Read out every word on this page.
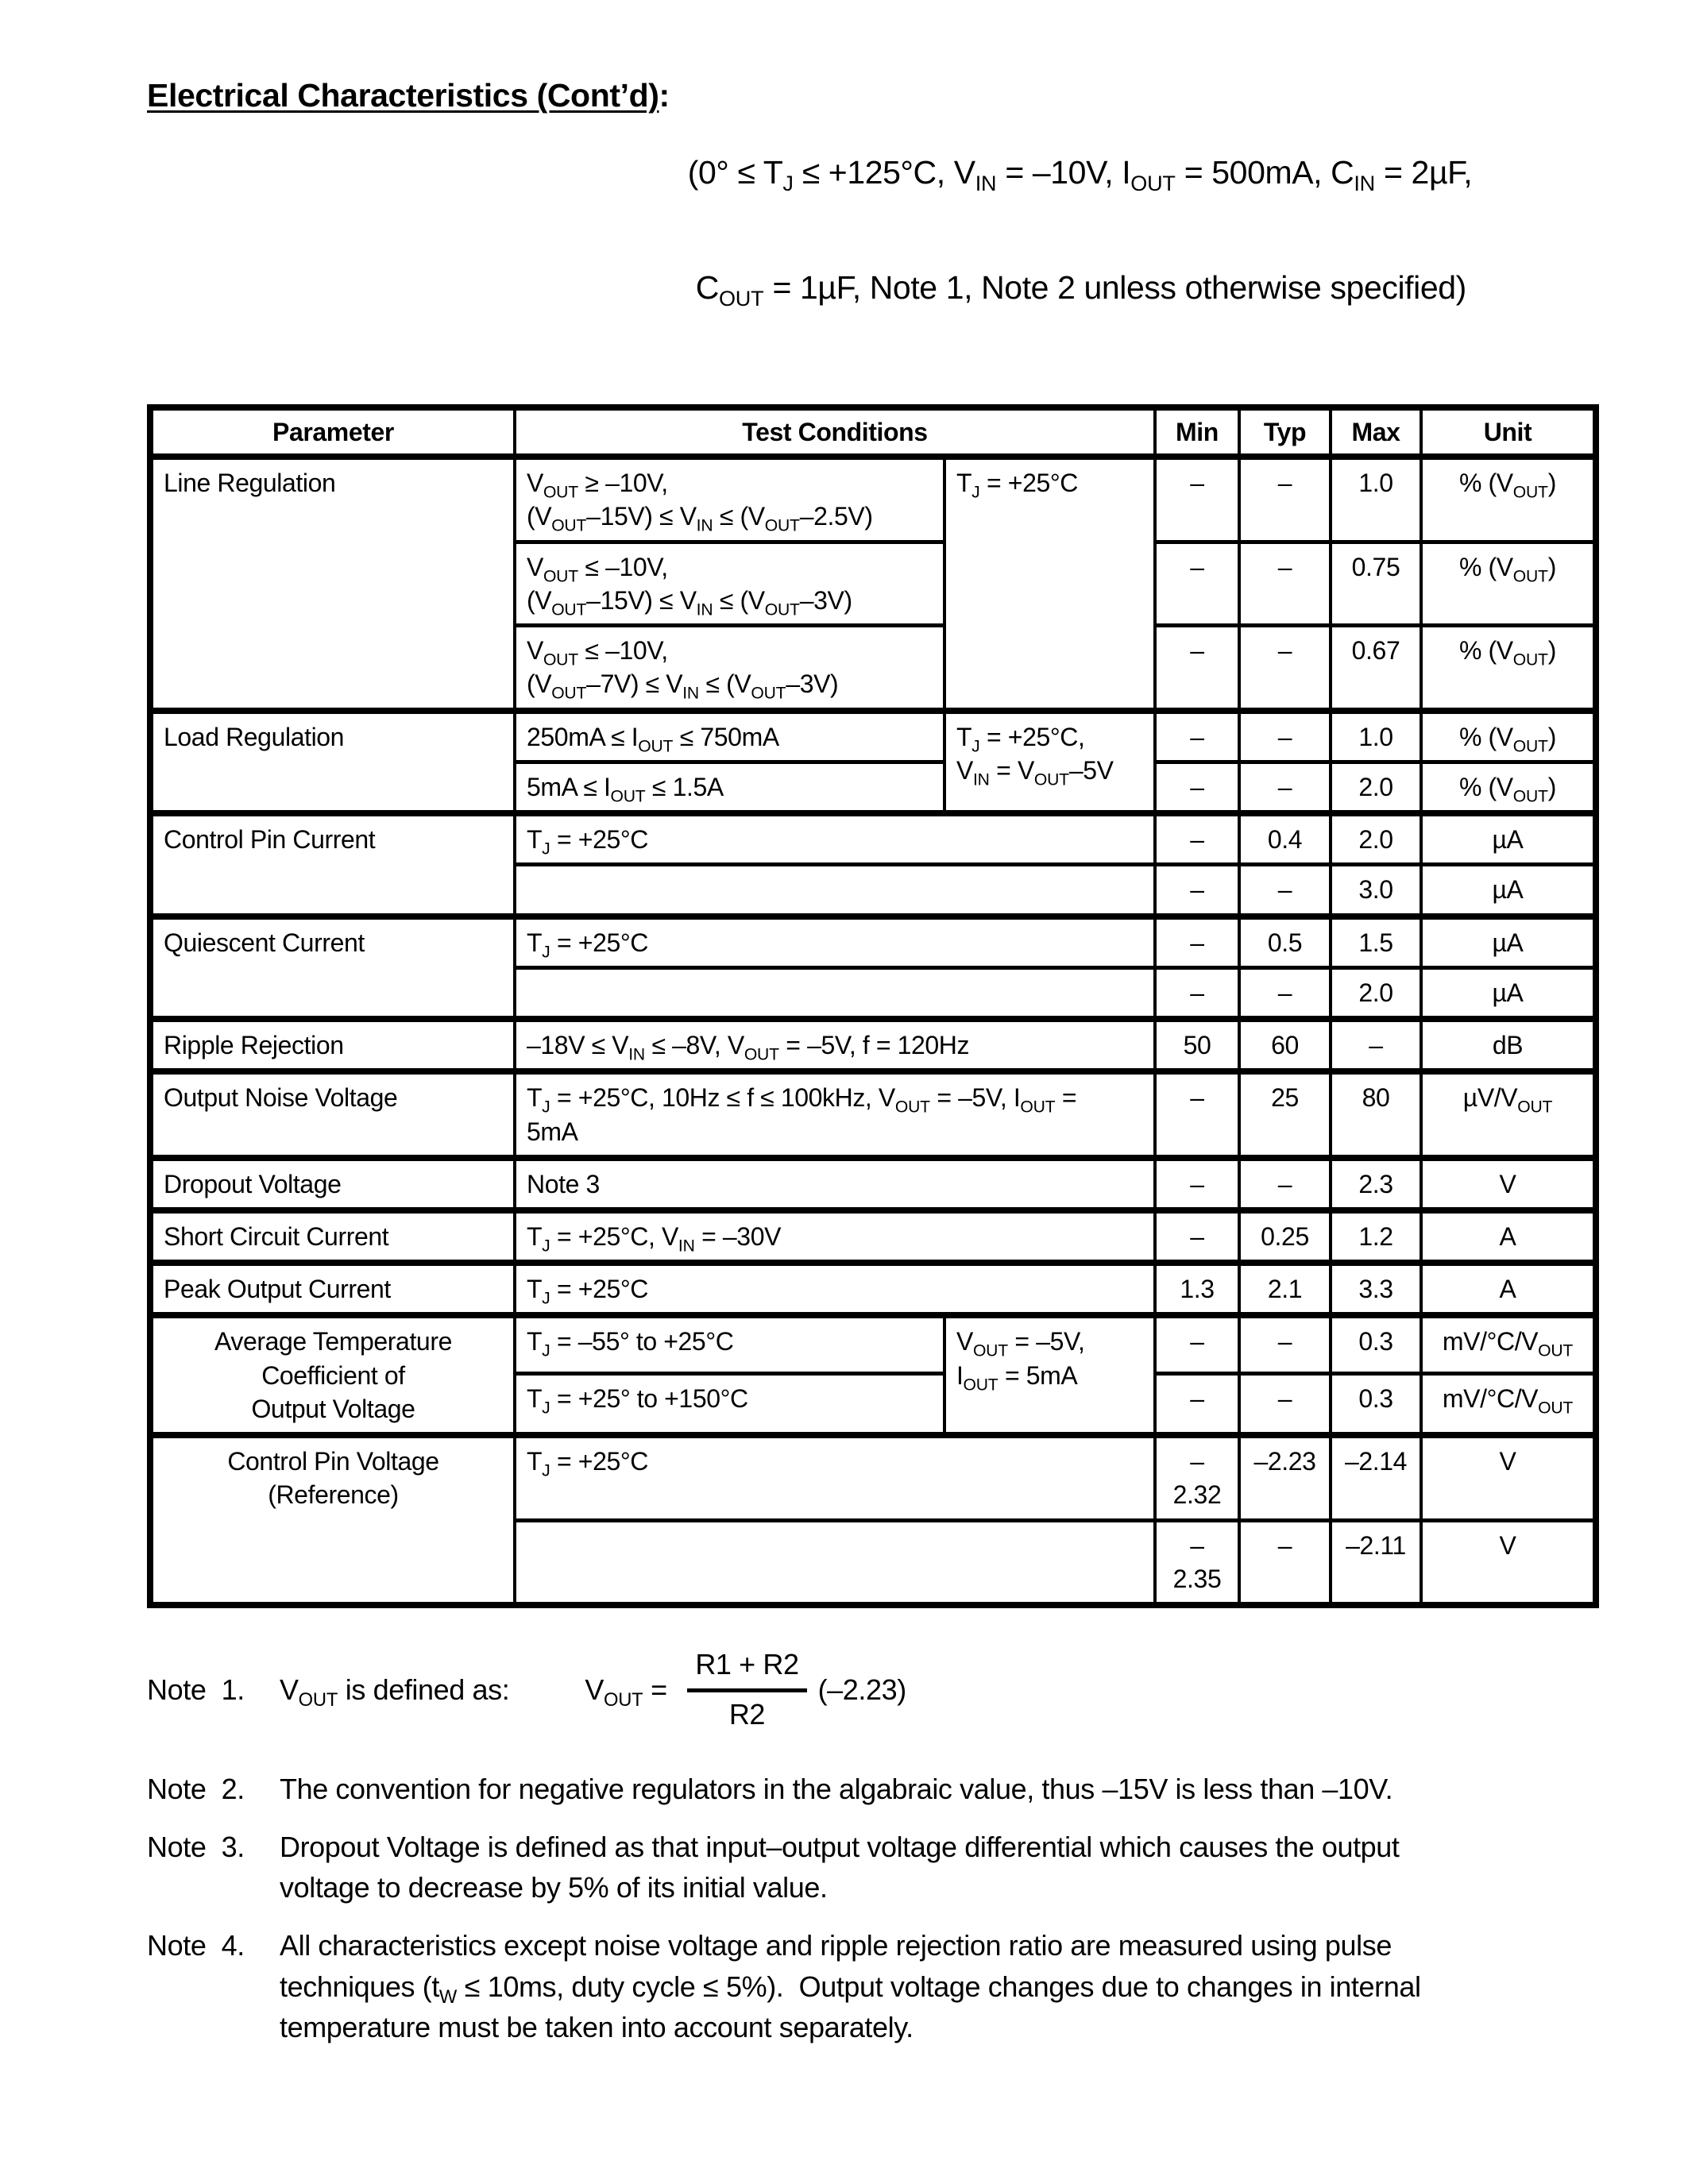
Electrical Characteristics (Cont’d):

($0^\circ \le T_J \le +125^\circ C$, $V_{IN} = -10V$, $I_{OUT} = 500mA$, $C_{IN} = 2\mu F$,

$C_{OUT} = 1\mu F$, Note 1, Note 2 unless otherwise specified)

Parameter	Test Conditions		Min	Typ	Max	Unit
Line Regulation	$V_{OUT} \ge -10V$,
$(V_{OUT}-15V) \le V_{IN} \le (V_{OUT}-2.5V)$	$T_J = +25^\circ C$	–	–	1.0	% $(V_{OUT})$
	$V_{OUT} \le -10V$,
$(V_{OUT}-15V) \le V_{IN} \le (V_{OUT}-3V)$		–	–	0.75	% $(V_{OUT})$
	$V_{OUT} \le -10V$,
$(V_{OUT}-7V) \le V_{IN} \le (V_{OUT}-3V)$		–	–	0.67	% $(V_{OUT})$
Load Regulation	$250mA \le I_{OUT} \le 750mA$	$T_J = +25^\circ C$,
$V_{IN} = V_{OUT}-5V$	–	–	1.0	% $(V_{OUT})$
	$5mA \le I_{OUT} \le 1.5A$		–	–	2.0	% $(V_{OUT})$
Control Pin Current	$T_J = +25^\circ C$		–	0.4	2.0	µA
			–	–	3.0	µA
Quiescent Current	$T_J = +25^\circ C$		–	0.5	1.5	µA
			–	–	2.0	µA
Ripple Rejection	$-18V \le V_{IN} \le -8V$, $V_{OUT} = -5V$, f = 120Hz		50	60	–	dB
Output Noise Voltage	$T_J = +25^\circ C$, 10Hz ≤ f ≤ 100kHz, $V_{OUT} = -5V$, $I_{OUT}$ =
5mA		–	25	80	$\mu V/V_{OUT}$
Dropout Voltage	Note 3		–	–	2.3	V
Short Circuit Current	$T_J = +25^\circ C$, $V_{IN} = -30V$		–	0.25	1.2	A
Peak Output Current	$T_J = +25^\circ C$		1.3	2.1	3.3	A
Average Temperature
Coefficient of
Output Voltage	$T_J = -55^\circ$ to +25°C	$V_{OUT} = -5V$,
$I_{OUT} = 5mA$	–	–	0.3	$mV/^\circ C/V_{OUT}$
	$T_J = +25^\circ$ to +150°C		–	–	0.3	$mV/^\circ C/V_{OUT}$
Control Pin Voltage
(Reference)	$T_J = +25^\circ C$		–2.32	–2.23	–2.14	V
			–2.35	–	–2.11	V
Note  1.	$V_{OUT}$ is defined as:	$V_{OUT} = \frac{R1 + R2}{R2} (-2.23)$
Note  2.	The convention for negative regulators in the algabraic value, thus –15V is less than –10V.
Note  3.	Dropout Voltage is defined as that input–output voltage differential which causes the output
voltage to decrease by 5% of its initial value.
Note  4.	All characteristics except noise voltage and ripple rejection ratio are measured using pulse
techniques ($t_W \le 10ms$, duty cycle ≤ 5%).  Output voltage changes due to changes in internal
temperature must be taken into account separately.
